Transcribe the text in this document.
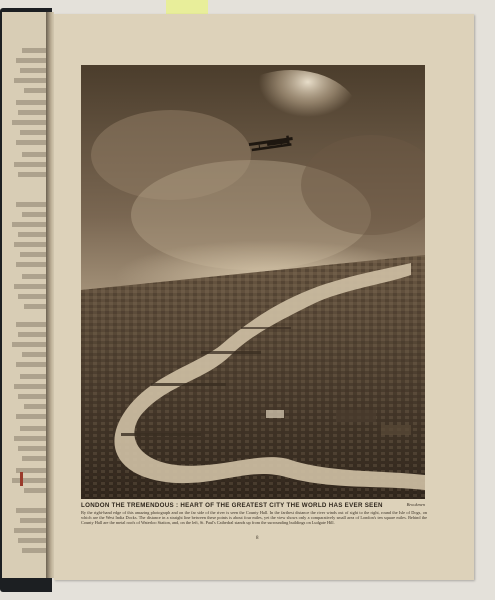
LONDON THE TREMENDOUS : HEART OF THE GREATEST CITY THE WORLD HAS EVER SEEN	Brookmen
By the right-hand edge of this amazing photograph and on the far side of the river is seen the County Hall. In the farthest distance the river winds out of sight to the right, round the Isle of Dogs, on which are the West India Docks. The distance in a straight line between these points is about four miles, yet the view shows only a comparatively small area of London's ten square miles. Behind the County Hall are the metal roofs of Waterloo Station, and, on the left, St. Paul's Cathedral stands up from the surrounding buildings on Ludgate Hill.
8
